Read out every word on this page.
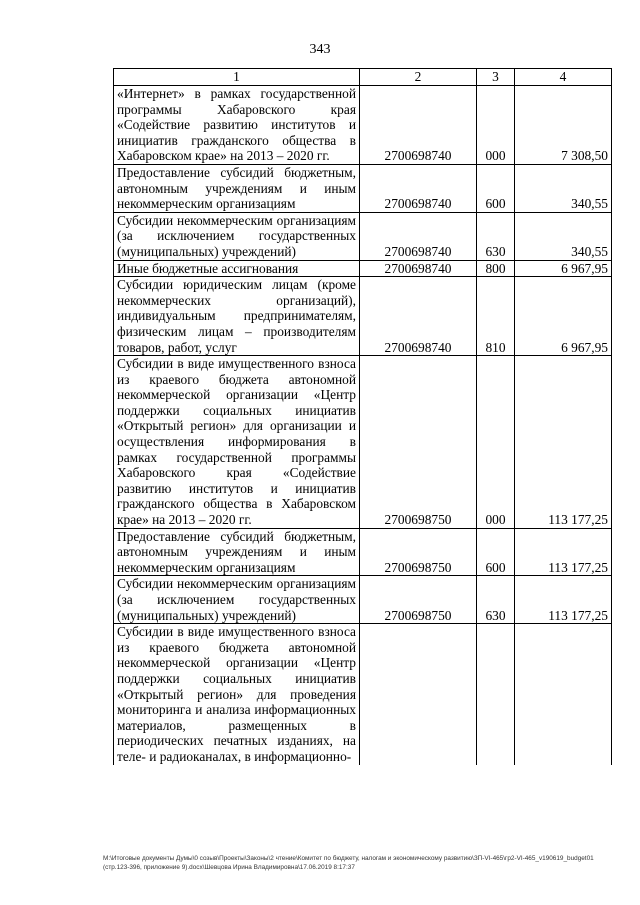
343
1	2	3	4
«Интернет» в рамках государственной программы Хабаровского края «Содействие развитию институтов и инициатив гражданского общества в Хабаровском крае» на 2013 – 2020 гг.	2700698740	000	7 308,50
Предоставление субсидий бюджетным, автономным учреждениям и иным некоммерческим организациям	2700698740	600	340,55
Субсидии некоммерческим организациям (за исключением государственных (муниципальных) учреждений)	2700698740	630	340,55
Иные бюджетные ассигнования	2700698740	800	6 967,95
Субсидии юридическим лицам (кроме некоммерческих организаций), индивидуальным предпринимателям, физическим лицам – производителям товаров, работ, услуг	2700698740	810	6 967,95
Субсидии в виде имущественного взноса из краевого бюджета автономной некоммерческой организации «Центр поддержки социальных инициатив «Открытый регион» для организации и осуществления информирования в рамках государственной программы Хабаровского края «Содействие развитию институтов и инициатив гражданского общества в Хабаровском крае» на 2013 – 2020 гг.	2700698750	000	113 177,25
Предоставление субсидий бюджетным, автономным учреждениям и иным некоммерческим организациям	2700698750	600	113 177,25
Субсидии некоммерческим организациям (за исключением государственных (муниципальных) учреждений)	2700698750	630	113 177,25
Субсидии в виде имущественного взноса из краевого бюджета автономной некоммерческой организации «Центр поддержки социальных инициатив «Открытый регион» для проведения мониторинга и анализа информационных материалов, размещенных в периодических печатных изданиях, на теле- и радиоканалах, в информационно-			
M:\Итоговые документы Думы\0 созыв\Проекты\Законы\2 чтение\Комитет по бюджету, налогам и экономическому развитию\ЗП-VI-465\гр2-VI-465_v190619_budget01 (стр.123-396, приложение 9).docx\Шевцова Ирина Владимировна\17.06.2019 8:17:37
